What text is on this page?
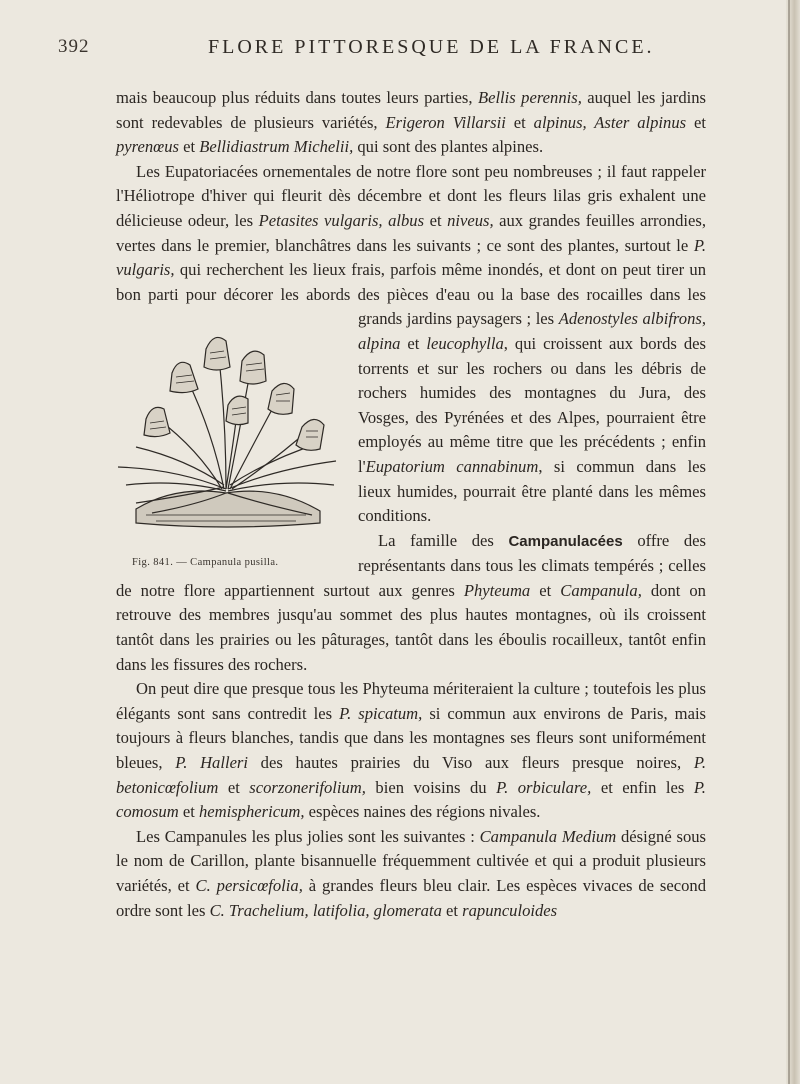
392	FLORE PITTORESQUE DE LA FRANCE.

mais beaucoup plus réduits dans toutes leurs parties, Bellis perennis, auquel les jardins sont redevables de plusieurs variétés, Erigeron Villarsii et alpinus, Aster alpinus et pyrenœus et Bellidiastrum Michelii, qui sont des plantes alpines.

Les Eupatoriacées ornementales de notre flore sont peu nombreuses ; il faut rappeler l'Héliotrope d'hiver qui fleurit dès décembre et dont les fleurs lilas gris exhalent une délicieuse odeur, les Petasites vulgaris, albus et niveus, aux grandes feuilles arrondies, vertes dans le premier, blanchâtres dans les suivants ; ce sont des plantes, surtout le P. vulgaris, qui recherchent les lieux frais, parfois même inondés, et dont on peut tirer un bon parti pour décorer les abords des pièces d'eau ou la base des rocailles dans les grands jardins paysagers ; les
Fig. 841. — Campanula pusilla.
Adenostyles albifrons, alpina et leucophylla, qui croissent aux bords des torrents et sur les rochers ou dans les débris de rochers humides des montagnes du Jura, des Vosges, des Pyrénées et des Alpes, pourraient être employés au même titre que les précédents ; enfin l'Eupatorium cannabinum, si commun dans les lieux humides, pourrait être planté dans les mêmes conditions.

La famille des Campanulacées offre des représentants dans tous les climats tempérés ; celles de notre flore appartiennent surtout aux genres Phyteuma et Campanula, dont on retrouve des membres jusqu'au sommet des plus hautes montagnes, où ils croissent tantôt dans les prairies ou les pâturages, tantôt dans les éboulis rocailleux, tantôt enfin dans les fissures des rochers.

On peut dire que presque tous les Phyteuma mériteraient la culture ; toutefois les plus élégants sont sans contredit les P. spicatum, si commun aux environs de Paris, mais toujours à fleurs blanches, tandis que dans les montagnes ses fleurs sont uniformément bleues, P. Halleri des hautes prairies du Viso aux fleurs presque noires, P. betonicœfolium et scorzonerifolium, bien voisins du P. orbiculare, et enfin les P. comosum et hemisphericum, espèces naines des régions nivales.

Les Campanules les plus jolies sont les suivantes : Campanula Medium désigné sous le nom de Carillon, plante bisannuelle fréquemment cultivée et qui a produit plusieurs variétés, et C. persicœfolia, à grandes fleurs bleu clair. Les espèces vivaces de second ordre sont les C. Trachelium, latifolia, glomerata et rapunculoides
